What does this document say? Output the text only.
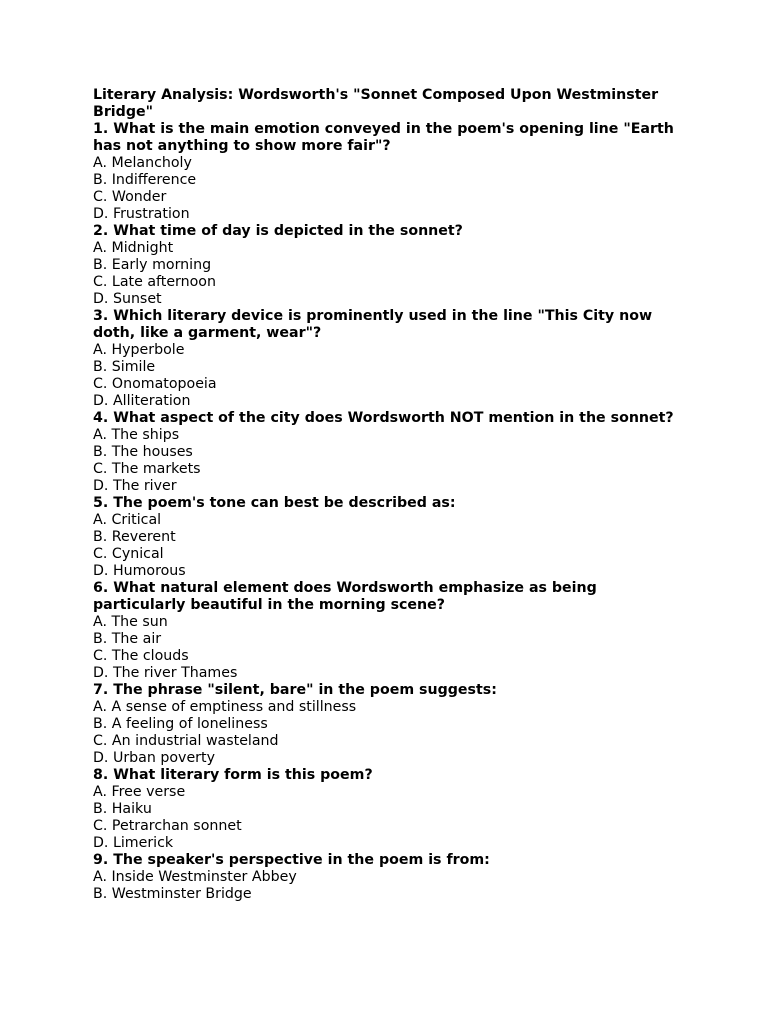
Literary Analysis: Wordsworth's "Sonnet Composed Upon Westminster Bridge"
1. What is the main emotion conveyed in the poem's opening line "Earth has not anything to show more fair"?
A. Melancholy
B. Indifference
C. Wonder
D. Frustration
2. What time of day is depicted in the sonnet?
A. Midnight
B. Early morning
C. Late afternoon
D. Sunset
3. Which literary device is prominently used in the line "This City now doth, like a garment, wear"?
A. Hyperbole
B. Simile
C. Onomatopoeia
D. Alliteration
4. What aspect of the city does Wordsworth NOT mention in the sonnet?
A. The ships
B. The houses
C. The markets
D. The river
5. The poem's tone can best be described as:
A. Critical
B. Reverent
C. Cynical
D. Humorous
6. What natural element does Wordsworth emphasize as being particularly beautiful in the morning scene?
A. The sun
B. The air
C. The clouds
D. The river Thames
7. The phrase "silent, bare" in the poem suggests:
A. A sense of emptiness and stillness
B. A feeling of loneliness
C. An industrial wasteland
D. Urban poverty
8. What literary form is this poem?
A. Free verse
B. Haiku
C. Petrarchan sonnet
D. Limerick
9. The speaker's perspective in the poem is from:
A. Inside Westminster Abbey
B. Westminster Bridge
